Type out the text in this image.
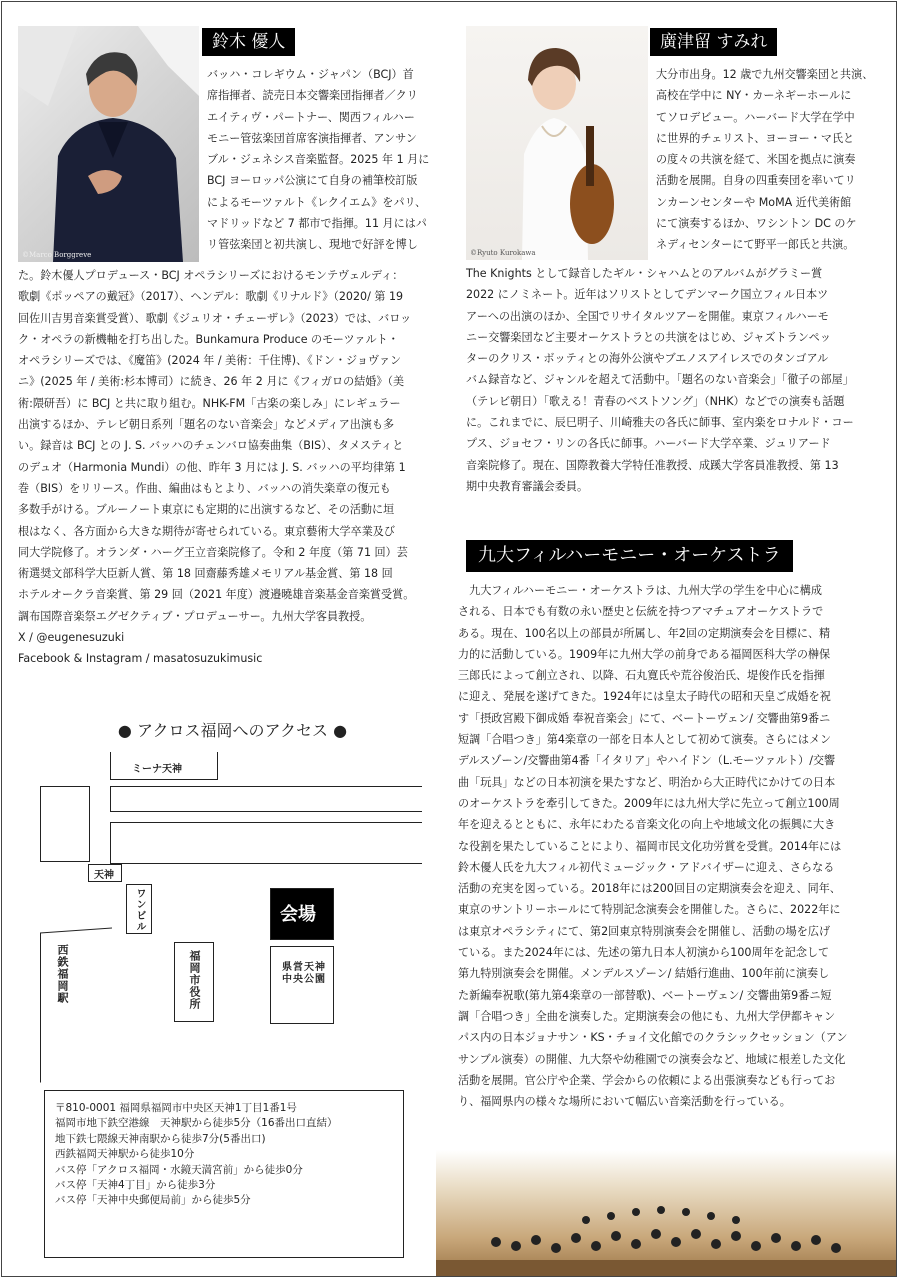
©Marco Borggreve
鈴木 優人

バッハ・コレギウム・ジャパン（BCJ）首

席指揮者、読売日本交響楽団指揮者／クリ

エイティヴ・パートナー、関西フィルハー

モニー管弦楽団首席客演指揮者、アンサン

ブル・ジェネシス音楽監督。2025 年 1 月に

BCJ ヨーロッパ公演にて自身の補筆校訂版

によるモーツァルト《レクイエム》をパリ、

マドリッドなど 7 都市で指揮。11 月にはパ

リ管弦楽団と初共演し、現地で好評を博し

た。鈴木優人プロデュース・BCJ オペラシリーズにおけるモンテヴェルディ：

歌劇《ポッペアの戴冠》（2017）、ヘンデル：歌劇《リナルド》（2020/ 第 19

回佐川吉男音楽賞受賞）、歌劇《ジュリオ・チェーザレ》（2023）では、バロッ

ク・オペラの新機軸を打ち出した。Bunkamura Produce のモーツァルト・

オペラシリーズでは、《魔笛》(2024 年 / 美術：千住博)、《ドン・ジョヴァン

ニ》(2025 年 / 美術:杉本博司）に続き、26 年 2 月に《フィガロの結婚》（美

術:隈研吾）に BCJ と共に取り組む。NHK-FM「古楽の楽しみ」にレギュラー

出演するほか、テレビ朝日系列「題名のない音楽会」などメディア出演も多

い。録音は BCJ との J. S. バッハのチェンバロ協奏曲集（BIS）、タメスティと

のデュオ（Harmonia Mundi）の他、昨年 3 月には J. S. バッハの平均律第 1

巻（BIS）をリリース。作曲、編曲はもとより、バッハの消失楽章の復元も

多数手がける。ブルーノート東京にも定期的に出演するなど、その活動に垣

根はなく、各方面から大きな期待が寄せられている。東京藝術大学卒業及び

同大学院修了。オランダ・ハーグ王立音楽院修了。令和 2 年度（第 71 回）芸

術選奨文部科学大臣新人賞、第 18 回齋藤秀雄メモリアル基金賞、第 18 回

ホテルオークラ音楽賞、第 29 回（2021 年度）渡邉曉雄音楽基金音楽賞受賞。

調布国際音楽祭エグゼクティブ・プロデューサー。九州大学客員教授。

X / @eugenesuzuki

Facebook & Instagram / masatosuzukimusic

©Ryuto Kurokawa
廣津留 すみれ

大分市出身。12 歳で九州交響楽団と共演、

高校在学中に NY・カーネギーホールに

てソロデビュー。ハーバード大学在学中

に世界的チェリスト、ヨーヨー・マ氏と

の度々の共演を経て、米国を拠点に演奏

活動を展開。自身の四重奏団を率いてリ

ンカーンセンターや MoMA 近代美術館

にて演奏するほか、ワシントン DC のケ

ネディセンターにて野平一郎氏と共演。

The Knights として録音したギル・シャハムとのアルバムがグラミー賞

2022 にノミネート。近年はソリストとしてデンマーク国立フィル日本ツ

アーへの出演のほか、全国でリサイタルツアーを開催。東京フィルハーモ

ニー交響楽団など主要オーケストラとの共演をはじめ、ジャズトランペッ

ターのクリス・ボッティとの海外公演やブエノスアイレスでのタンゴアル

バム録音など、ジャンルを超えて活動中。「題名のない音楽会」「徹子の部屋」

（テレビ朝日）「歌える！青春のベストソング」（NHK）などでの演奏も話題

に。これまでに、辰巳明子、川崎雅夫の各氏に師事、室内楽をロナルド・コー

プス、ジョセフ・リンの各氏に師事。ハーバード大学卒業、ジュリアード

音楽院修了。現在、国際教養大学特任准教授、成蹊大学客員准教授、第 13

期中央教育審議会委員。

九大フィルハーモニー・オーケストラ

　九大フィルハーモニー・オーケストラは、九州大学の学生を中心に構成

される、日本でも有数の永い歴史と伝統を持つアマチュアオーケストラで

ある。現在、100名以上の部員が所属し、年2回の定期演奏会を目標に、精

力的に活動している。1909年に九州大学の前身である福岡医科大学の榊保

三郎氏によって創立され、以降、石丸寛氏や荒谷俊治氏、堤俊作氏を指揮

に迎え、発展を遂げてきた。1924年には皇太子時代の昭和天皇ご成婚を祝

す「摂政宮殿下御成婚 奉祝音楽会」にて、ベートーヴェン/ 交響曲第9番ニ

短調「合唱つき」第4楽章の一部を日本人として初めて演奏。さらにはメン

デルスゾーン/交響曲第4番「イタリア」やハイドン（L.モーツァルト）/交響

曲「玩具」などの日本初演を果たすなど、明治から大正時代にかけての日本

のオーケストラを牽引してきた。2009年には九州大学に先立って創立100周

年を迎えるとともに、永年にわたる音楽文化の向上や地域文化の振興に大き

な役割を果たしていることにより、福岡市民文化功労賞を受賞。2014年には

鈴木優人氏を九大フィル初代ミュージック・アドバイザーに迎え、さらなる

活動の充実を図っている。2018年には200回目の定期演奏会を迎え、同年、

東京のサントリーホールにて特別記念演奏会を開催した。さらに、2022年に

は東京オペラシティにて、第2回東京特別演奏会を開催し、活動の場を広げ

ている。また2024年には、先述の第九日本人初演から100周年を記念して

第九特別演奏会を開催。メンデルスゾーン/ 結婚行進曲、100年前に演奏し

た新編奉祝歌(第九第4楽章の一部替歌)、ベートーヴェン/ 交響曲第9番ニ短

調「合唱つき」全曲を演奏した。定期演奏会の他にも、九州大学伊都キャン

パス内の日本ジョナサン・KS・チョイ文化館でのクラシックセッション（アン

サンブル演奏）の開催、九大祭や幼稚園での演奏会など、地域に根差した文化

活動を展開。官公庁や企業、学会からの依頼による出張演奏なども行ってお

り、福岡県内の様々な場所において幅広い音楽活動を行っている。

● アクロス福岡へのアクセス ●
ミーナ天神
天神
ワンビル
福岡市役所
会場
県営天神中央公園
西鉄福岡駅

〒810-0001 福岡県福岡市中央区天神1丁目1番1号

福岡市地下鉄空港線　天神駅から徒歩5分（16番出口直結）

地下鉄七隈線天神南駅から徒歩7分(5番出口)

西鉄福岡天神駅から徒歩10分

バス停「アクロス福岡・水鏡天満宮前」から徒歩0分

バス停「天神4丁目」から徒歩3分

バス停「天神中央郵便局前」から徒歩5分
